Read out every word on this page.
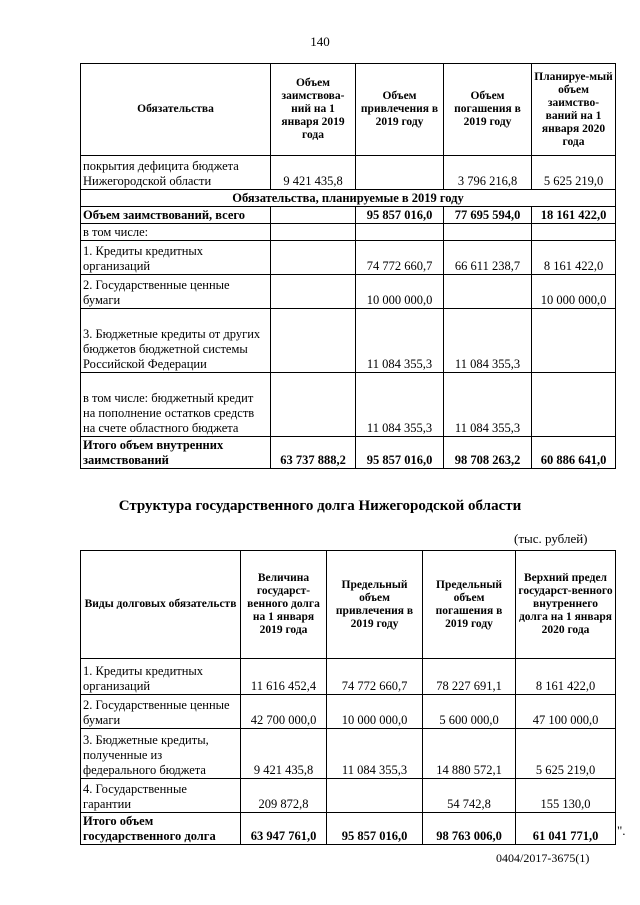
140
Обязательства	Объем заимствова-ний на 1 января 2019 года	Объем привлечения в 2019 году	Объем погашения в 2019 году	Планируе-мый объем заимство-ваний на 1 января 2020 года
покрытия дефицита бюджета Нижегородской области	9 421 435,8		3 796 216,8	5 625 219,0
Обязательства, планируемые в 2019 году				
Объем заимствований, всего		95 857 016,0	77 695 594,0	18 161 422,0
в том числе:				
1. Кредиты кредитных организаций		74 772 660,7	66 611 238,7	8 161 422,0
2. Государственные ценные бумаги		10 000 000,0		10 000 000,0
3. Бюджетные кредиты от других бюджетов бюджетной системы Российской Федерации		11 084 355,3	11 084 355,3	
в том числе: бюджетный кредит на пополнение остатков средств на счете областного бюджета		11 084 355,3	11 084 355,3	
Итого объем внутренних заимствований	63 737 888,2	95 857 016,0	98 708 263,2	60 886 641,0
Структура государственного долга Нижегородской области
(тыс. рублей)
Виды долговых обязательств	Величина государст-венного долга на 1 января 2019 года	Предельный объем привлечения в 2019 году	Предельный объем погашения в 2019 году	Верхний предел государст-венного внутреннего долга на 1 января 2020 года
1. Кредиты кредитных организаций	11 616 452,4	74 772 660,7	78 227 691,1	8 161 422,0
2. Государственные ценные бумаги	42 700 000,0	10 000 000,0	5 600 000,0	47 100 000,0
3. Бюджетные кредиты, полученные из федерального бюджета	9 421 435,8	11 084 355,3	14 880 572,1	5 625 219,0
4. Государственные гарантии	209 872,8		54 742,8	155 130,0
Итого объем государственного долга	63 947 761,0	95 857 016,0	98 763 006,0	61 041 771,0 ".
0404/2017-3675(1)
